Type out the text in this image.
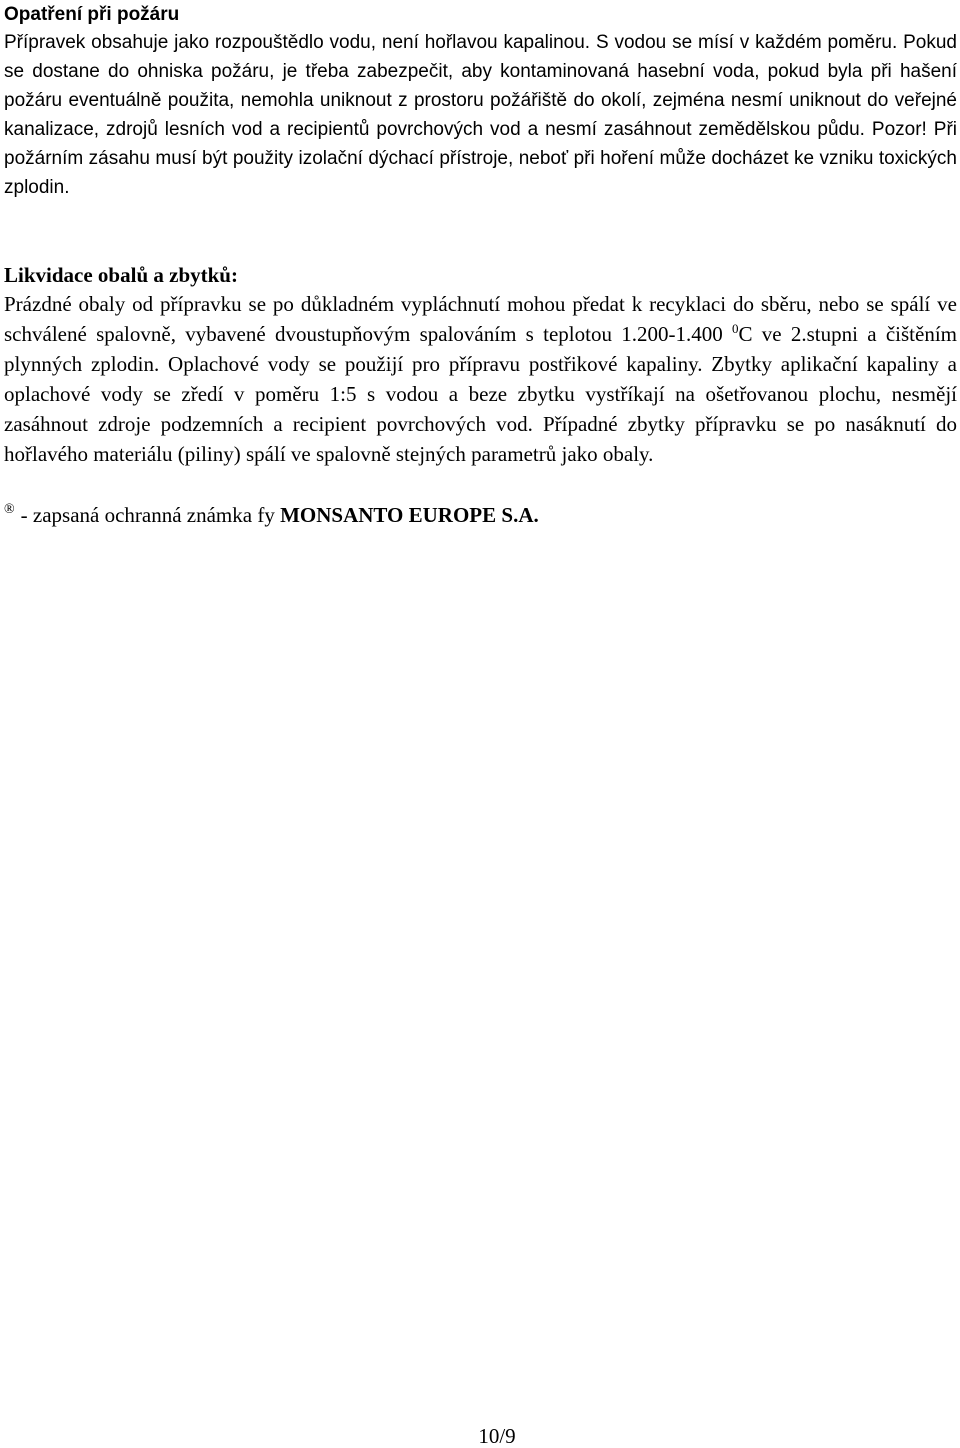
Opatření při požáru

Přípravek obsahuje jako rozpouštědlo vodu, není hořlavou kapalinou. S vodou se mísí v každém poměru. Pokud se dostane do ohniska požáru, je třeba zabezpečit, aby kontaminovaná hasební voda, pokud byla při hašení požáru eventuálně použita, nemohla uniknout z prostoru požářiště do okolí, zejména nesmí uniknout do veřejné kanalizace, zdrojů lesních vod a recipientů povrchových vod a nesmí zasáhnout zemědělskou půdu. Pozor! Při požárním zásahu musí být použity izolační dýchací přístroje, neboť při hoření může docházet ke vzniku toxických zplodin.

Likvidace obalů a zbytků:

Prázdné obaly od přípravku se po důkladném vypláchnutí mohou předat k recyklaci do sběru, nebo se spálí ve schválené spalovně, vybavené dvoustupňovým spalováním s teplotou 1.200-1.400 $^0$C ve 2.stupni a čištěním plynných zplodin. Oplachové vody se použijí pro přípravu postřikové kapaliny. Zbytky aplikační kapaliny a oplachové vody se zředí v poměru 1:5 s vodou a beze zbytku vystříkají na ošetřovanou plochu, nesmějí zasáhnout zdroje podzemních a recipient povrchových vod. Případné zbytky přípravku se po nasáknutí do hořlavého materiálu (piliny) spálí ve spalovně stejných parametrů jako obaly.

® - zapsaná ochranná známka fy MONSANTO EUROPE S.A.

10/9
